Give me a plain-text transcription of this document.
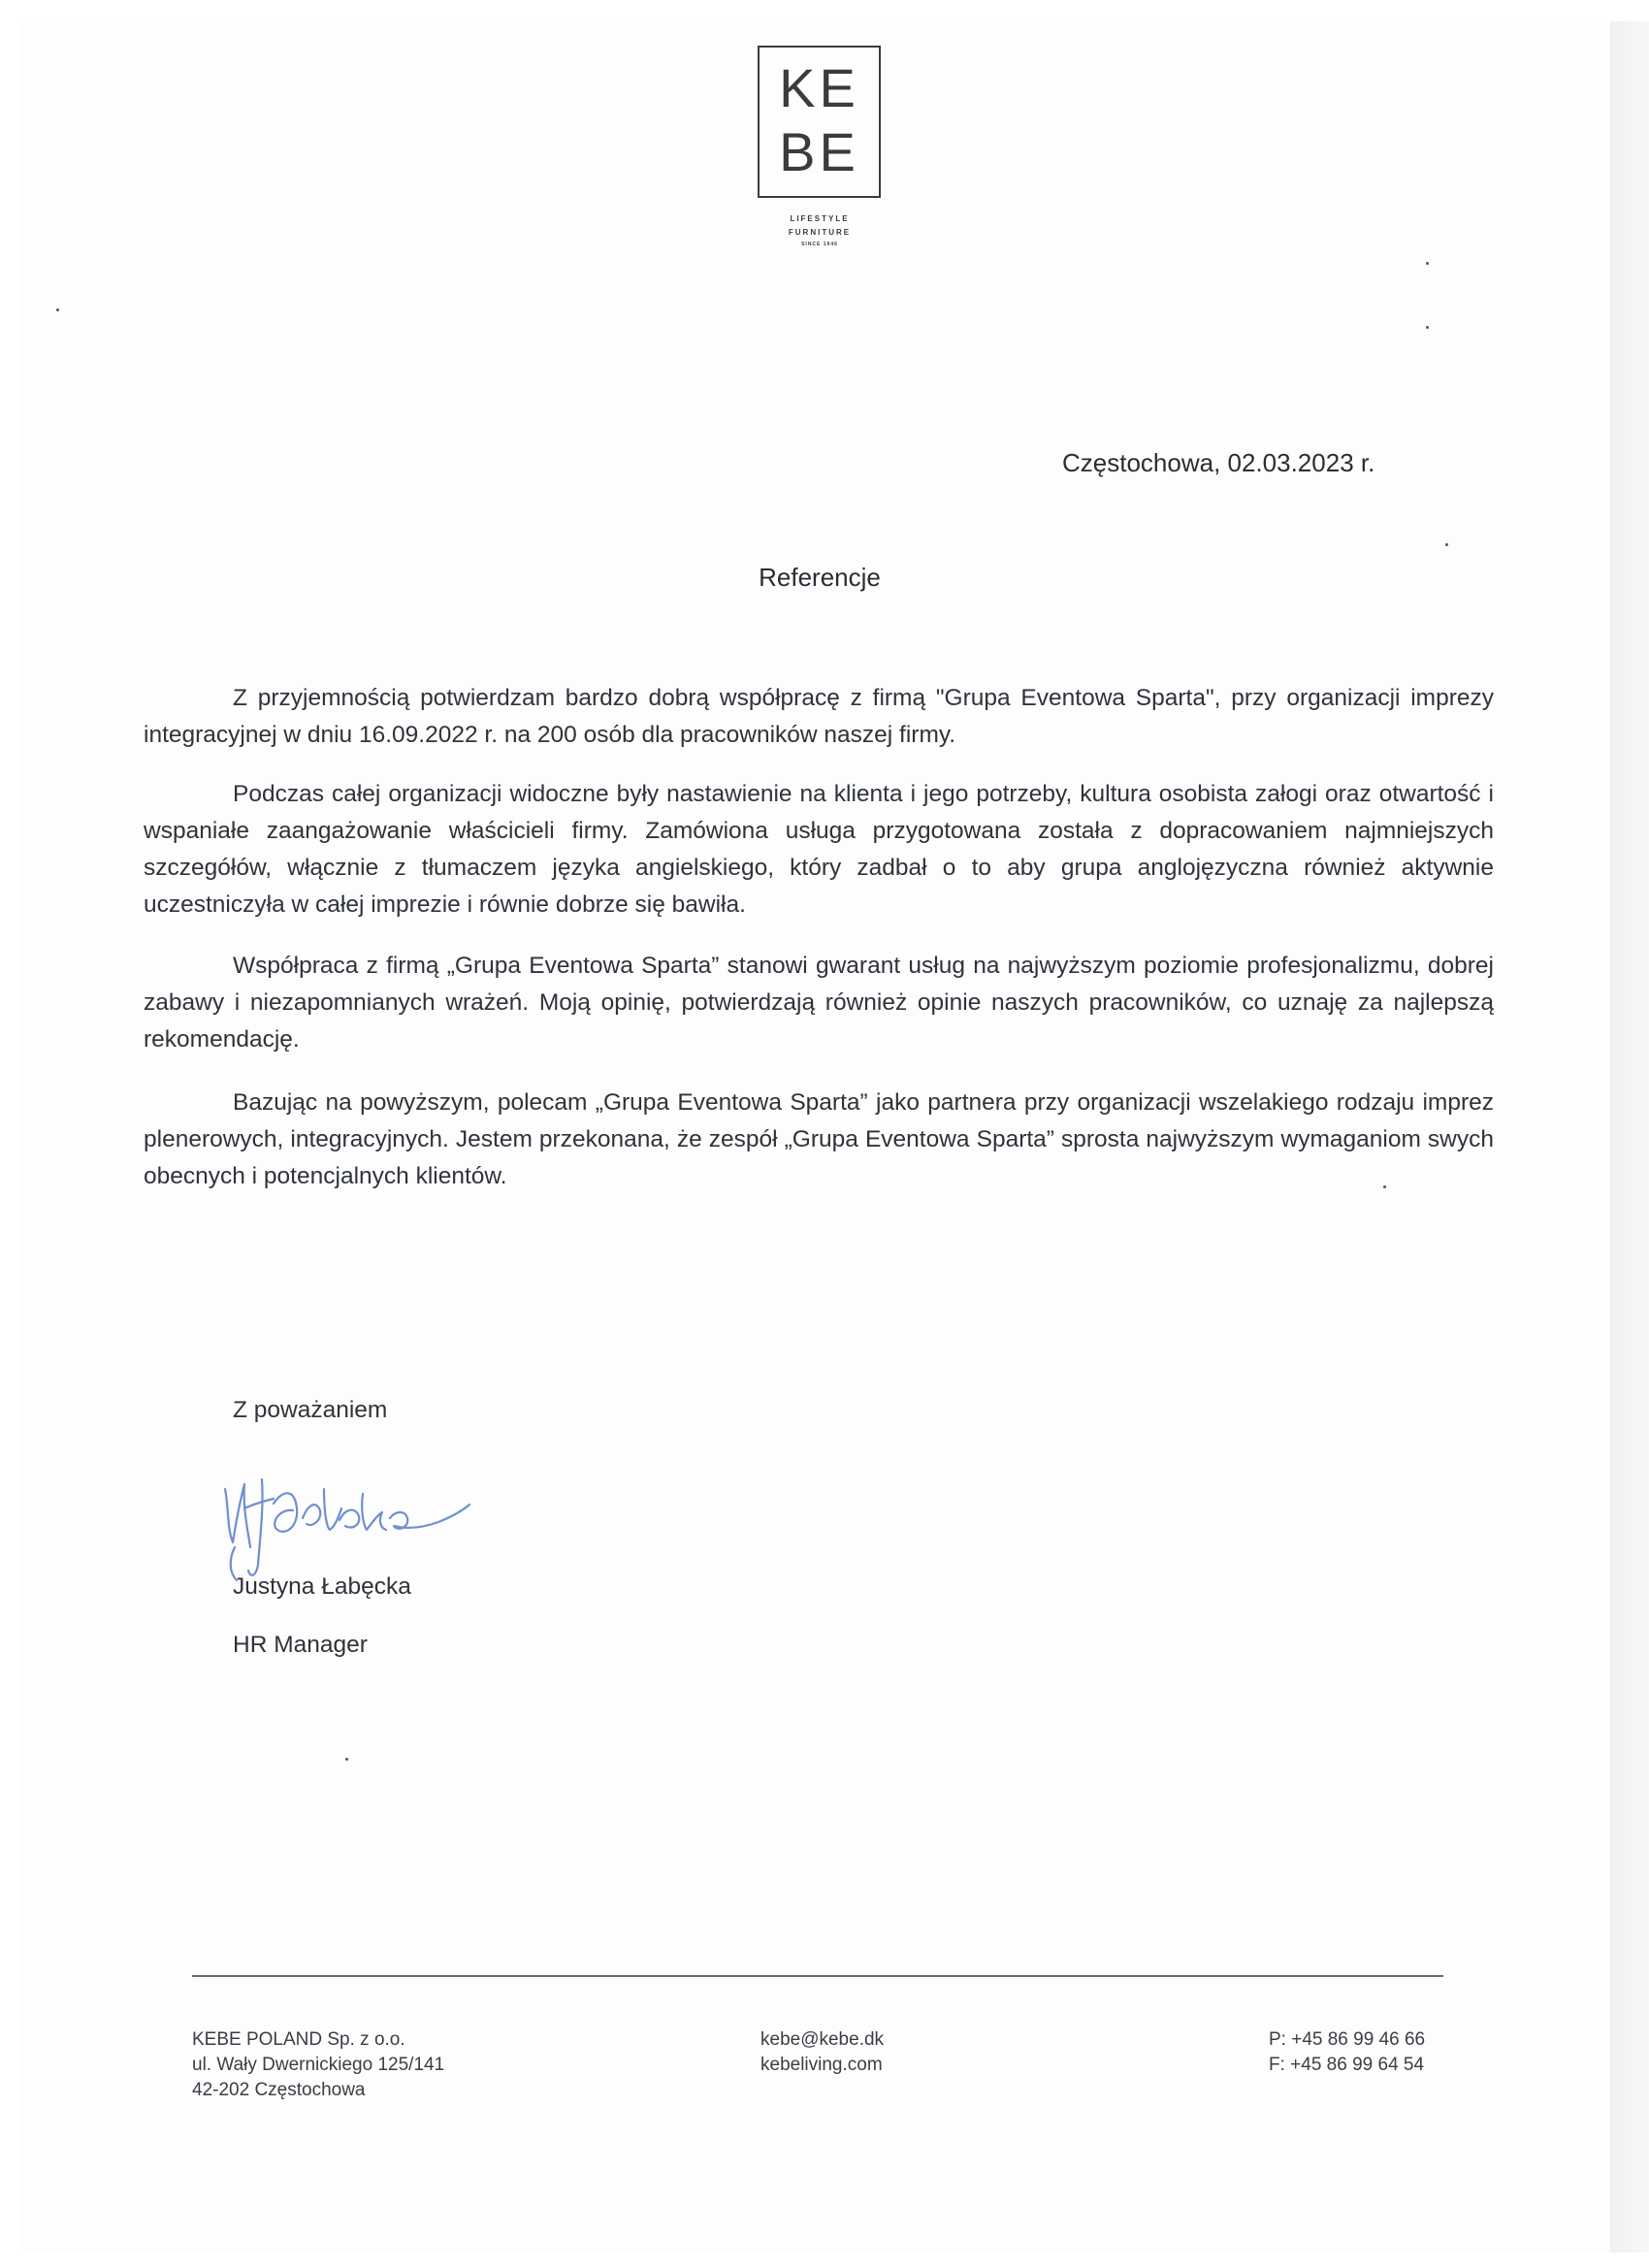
KE
BE
LIFESTYLE
FURNITURE
SINCE 1946
Częstochowa, 02.03.2023 r.
Referencje
Z przyjemnością potwierdzam bardzo dobrą współpracę z firmą "Grupa Eventowa Sparta", przy organizacji imprezy integracyjnej w dniu 16.09.2022 r. na 200 osób dla pracowników naszej firmy.
Podczas całej organizacji widoczne były nastawienie na klienta i jego potrzeby, kultura osobista załogi oraz otwartość i wspaniałe zaangażowanie właścicieli firmy. Zamówiona usługa przygotowana została z dopracowaniem najmniejszych szczegółów, włącznie z tłumaczem języka angielskiego, który zadbał o to aby grupa anglojęzyczna również aktywnie uczestniczyła w całej imprezie i równie dobrze się bawiła.
Współpraca z firmą „Grupa Eventowa Sparta” stanowi gwarant usług na najwyższym poziomie profesjonalizmu, dobrej zabawy i niezapomnianych wrażeń. Moją opinię, potwierdzają również opinie naszych pracowników, co uznaję za najlepszą rekomendację.
Bazując na powyższym, polecam „Grupa Eventowa Sparta” jako partnera przy organizacji wszelakiego rodzaju imprez plenerowych, integracyjnych. Jestem przekonana, że zespół „Grupa Eventowa Sparta” sprosta najwyższym wymaganiom swych obecnych i potencjalnych klientów.
Z poważaniem
Justyna Łabęcka
HR Manager
KEBE POLAND Sp. z o.o.
ul. Wały Dwernickiego 125/141
42-202 Częstochowa
kebe@kebe.dk
kebeliving.com
P: +45 86 99 46 66
F: +45 86 99 64 54
